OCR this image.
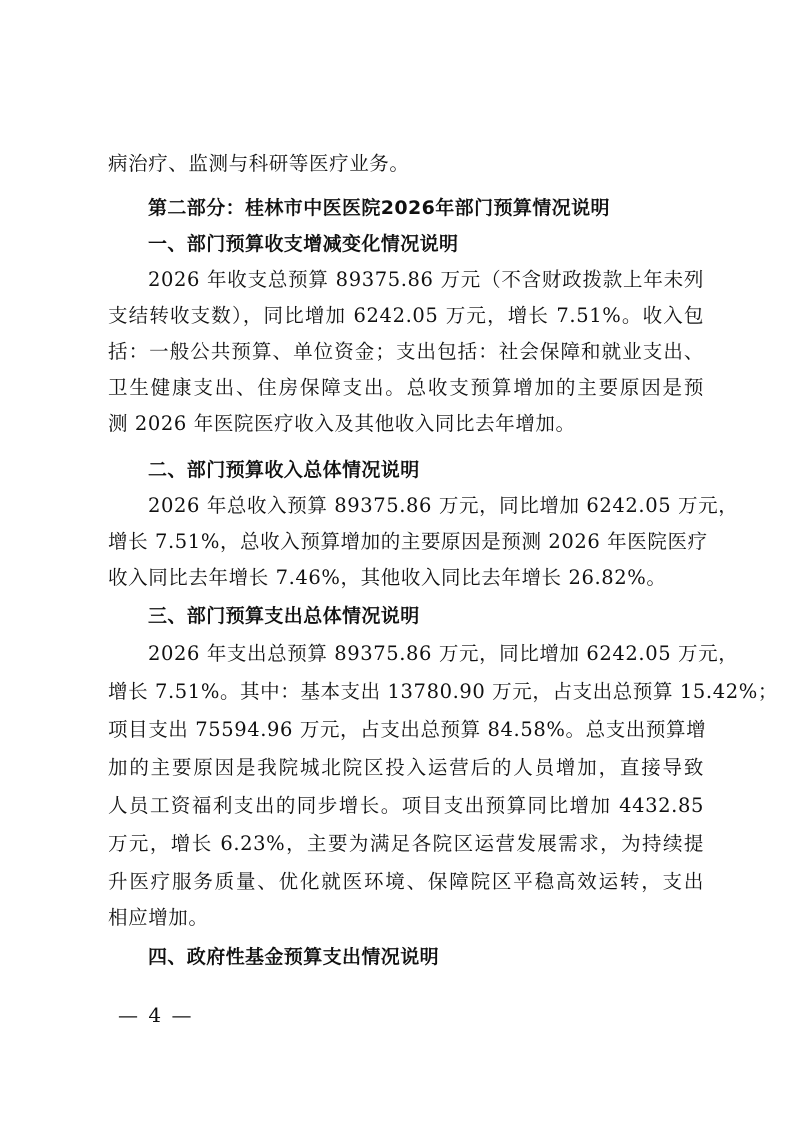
病治疗、监测与科研等医疗业务。
第二部分：桂林市中医医院2026年部门预算情况说明
一、部门预算收支增减变化情况说明
2026 年收支总预算 89375.86 万元（不含财政拨款上年未列
支结转收支数），同比增加 6242.05 万元，增长 7.51%。收入包
括：一般公共预算、单位资金；支出包括：社会保障和就业支出、
卫生健康支出、住房保障支出。总收支预算增加的主要原因是预
测 2026 年医院医疗收入及其他收入同比去年增加。
二、部门预算收入总体情况说明
2026 年总收入预算 89375.86 万元，同比增加 6242.05 万元，
增长 7.51%，总收入预算增加的主要原因是预测 2026 年医院医疗
收入同比去年增长 7.46%，其他收入同比去年增长 26.82%。
三、部门预算支出总体情况说明
2026 年支出总预算 89375.86 万元，同比增加 6242.05 万元，
增长 7.51%。其中：基本支出 13780.90 万元，占支出总预算 15.42%；
项目支出 75594.96 万元，占支出总预算 84.58%。总支出预算增
加的主要原因是我院城北院区投入运营后的人员增加，直接导致
人员工资福利支出的同步增长。项目支出预算同比增加 4432.85
万元，增长 6.23%，主要为满足各院区运营发展需求，为持续提
升医疗服务质量、优化就医环境、保障院区平稳高效运转，支出
相应增加。
四、政府性基金预算支出情况说明
— 4 —
